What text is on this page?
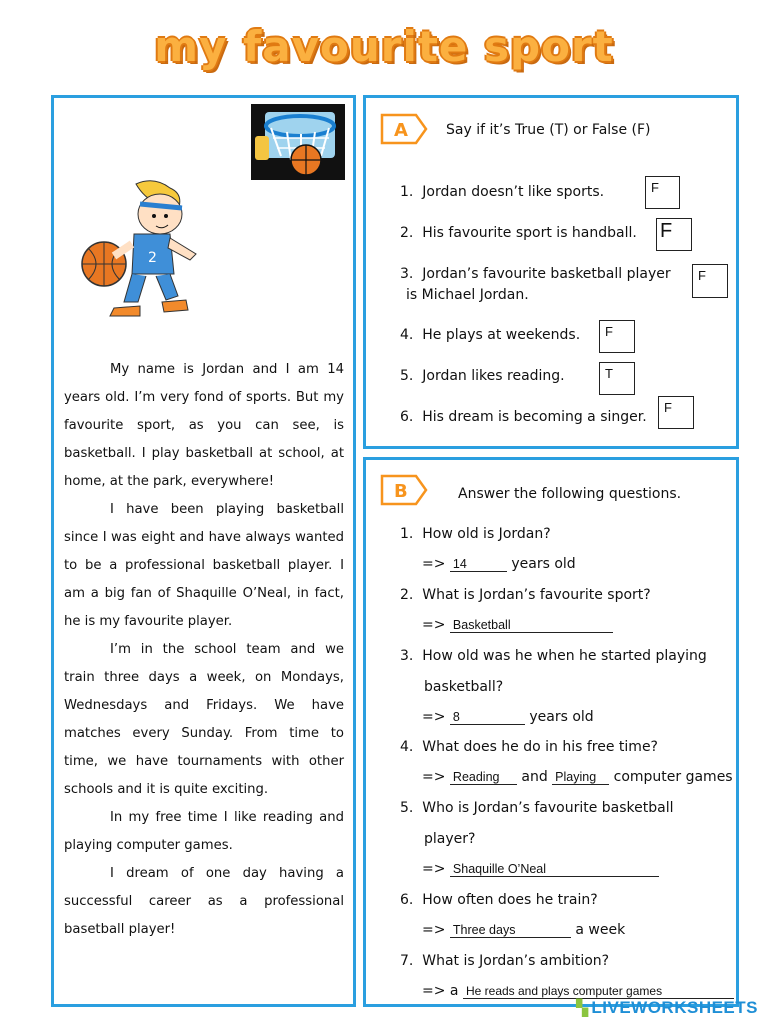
my favourite sport
2

My name is Jordan and I am 14 years old. I’m very fond of sports. But my favourite sport, as you can see, is basketball. I play basketball at school, at home, at the park, everywhere!

I have been playing basketball since I was eight and have always wanted to be a professional basketball player. I am a big fan of Shaquille O’Neal, in fact, he is my favourite player.

I’m in the school team and we train three days a week, on Mondays, Wednesdays and Fridays. We have matches every Sunday. From time to time, we have tournaments with other schools and it is quite exciting.

In my free time I like reading and playing computer games.

I dream of one day having a successful career as a professional basetball player!

A	Say if it’s True (T) or False (F)
1. Jordan doesn’t like sports.	F
2. His favourite sport is handball. F
3. Jordan’s favourite basketball player
is Michael Jordan.
F
4. He plays at weekends.	F
5. Jordan likes reading.	T
6. His dream is becoming a singer.
F
B	Answer the following questions.
1. How old is Jordan?
=> 14	years old
2. What is Jordan’s favourite sport?
=> Basketball
3. How old was he when he started playing
basketball?
=> 8	years old
4. What does he do in his free time?
=> Reading and Playing computer games
5. Who is Jordan’s favourite basketball
player?
=> Shaquille O’Neal
6. How often does he train?
=> Three days	a week
7. What is Jordan’s ambition?
=> a He reads and plays computer games
▚ LIVEWORKSHEETS
